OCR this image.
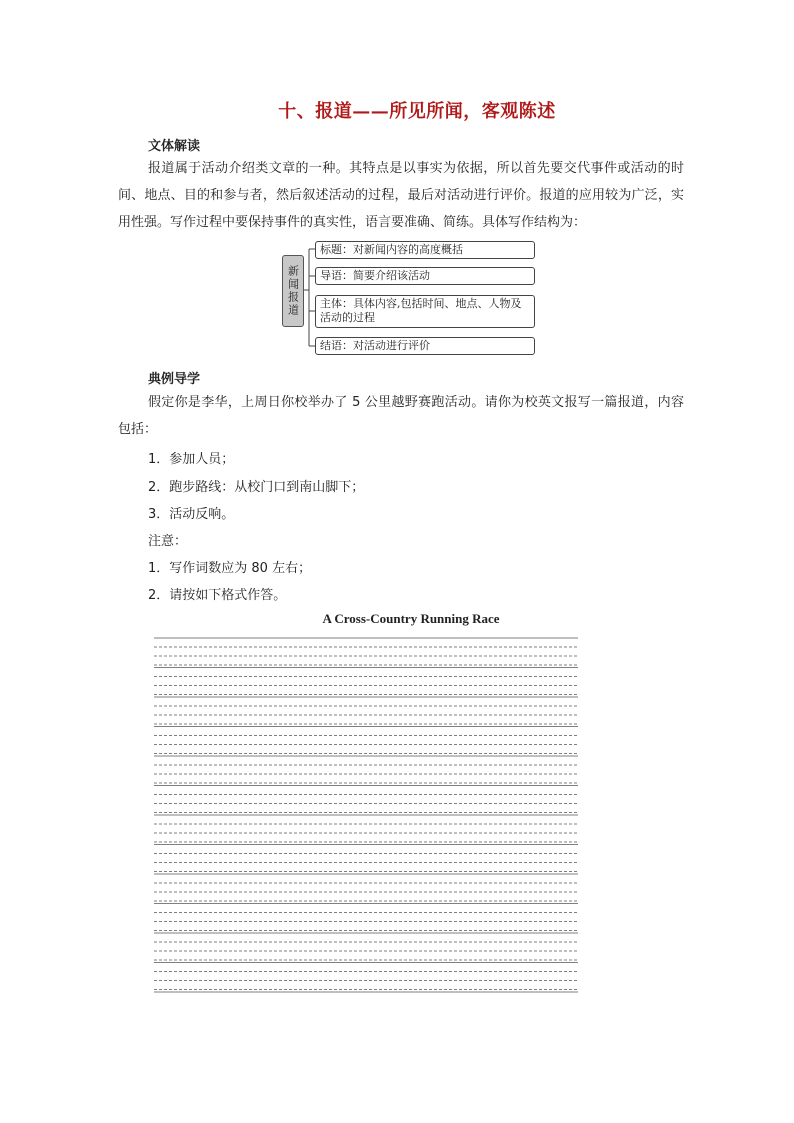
十、报道——所见所闻，客观陈述
文体解读
报道属于活动介绍类文章的一种。其特点是以事实为依据，所以首先要交代事件或活动的时间、地点、目的和参与者，然后叙述活动的过程，最后对活动进行评价。报道的应用较为广泛，实用性强。写作过程中要保持事件的真实性，语言要准确、简练。具体写作结构为：
新闻报道
标题：对新闻内容的高度概括
导语：简要介绍该活动
主体：具体内容,包括时间、地点、人物及活动的过程
结语：对活动进行评价
典例导学
假定你是李华，上周日你校举办了 5 公里越野赛跑活动。请你为校英文报写一篇报道，内容包括：
1．参加人员；
2．跑步路线：从校门口到南山脚下；
3．活动反响。
注意：
1．写作词数应为 80 左右；
2．请按如下格式作答。
A Cross-Country Running Race
